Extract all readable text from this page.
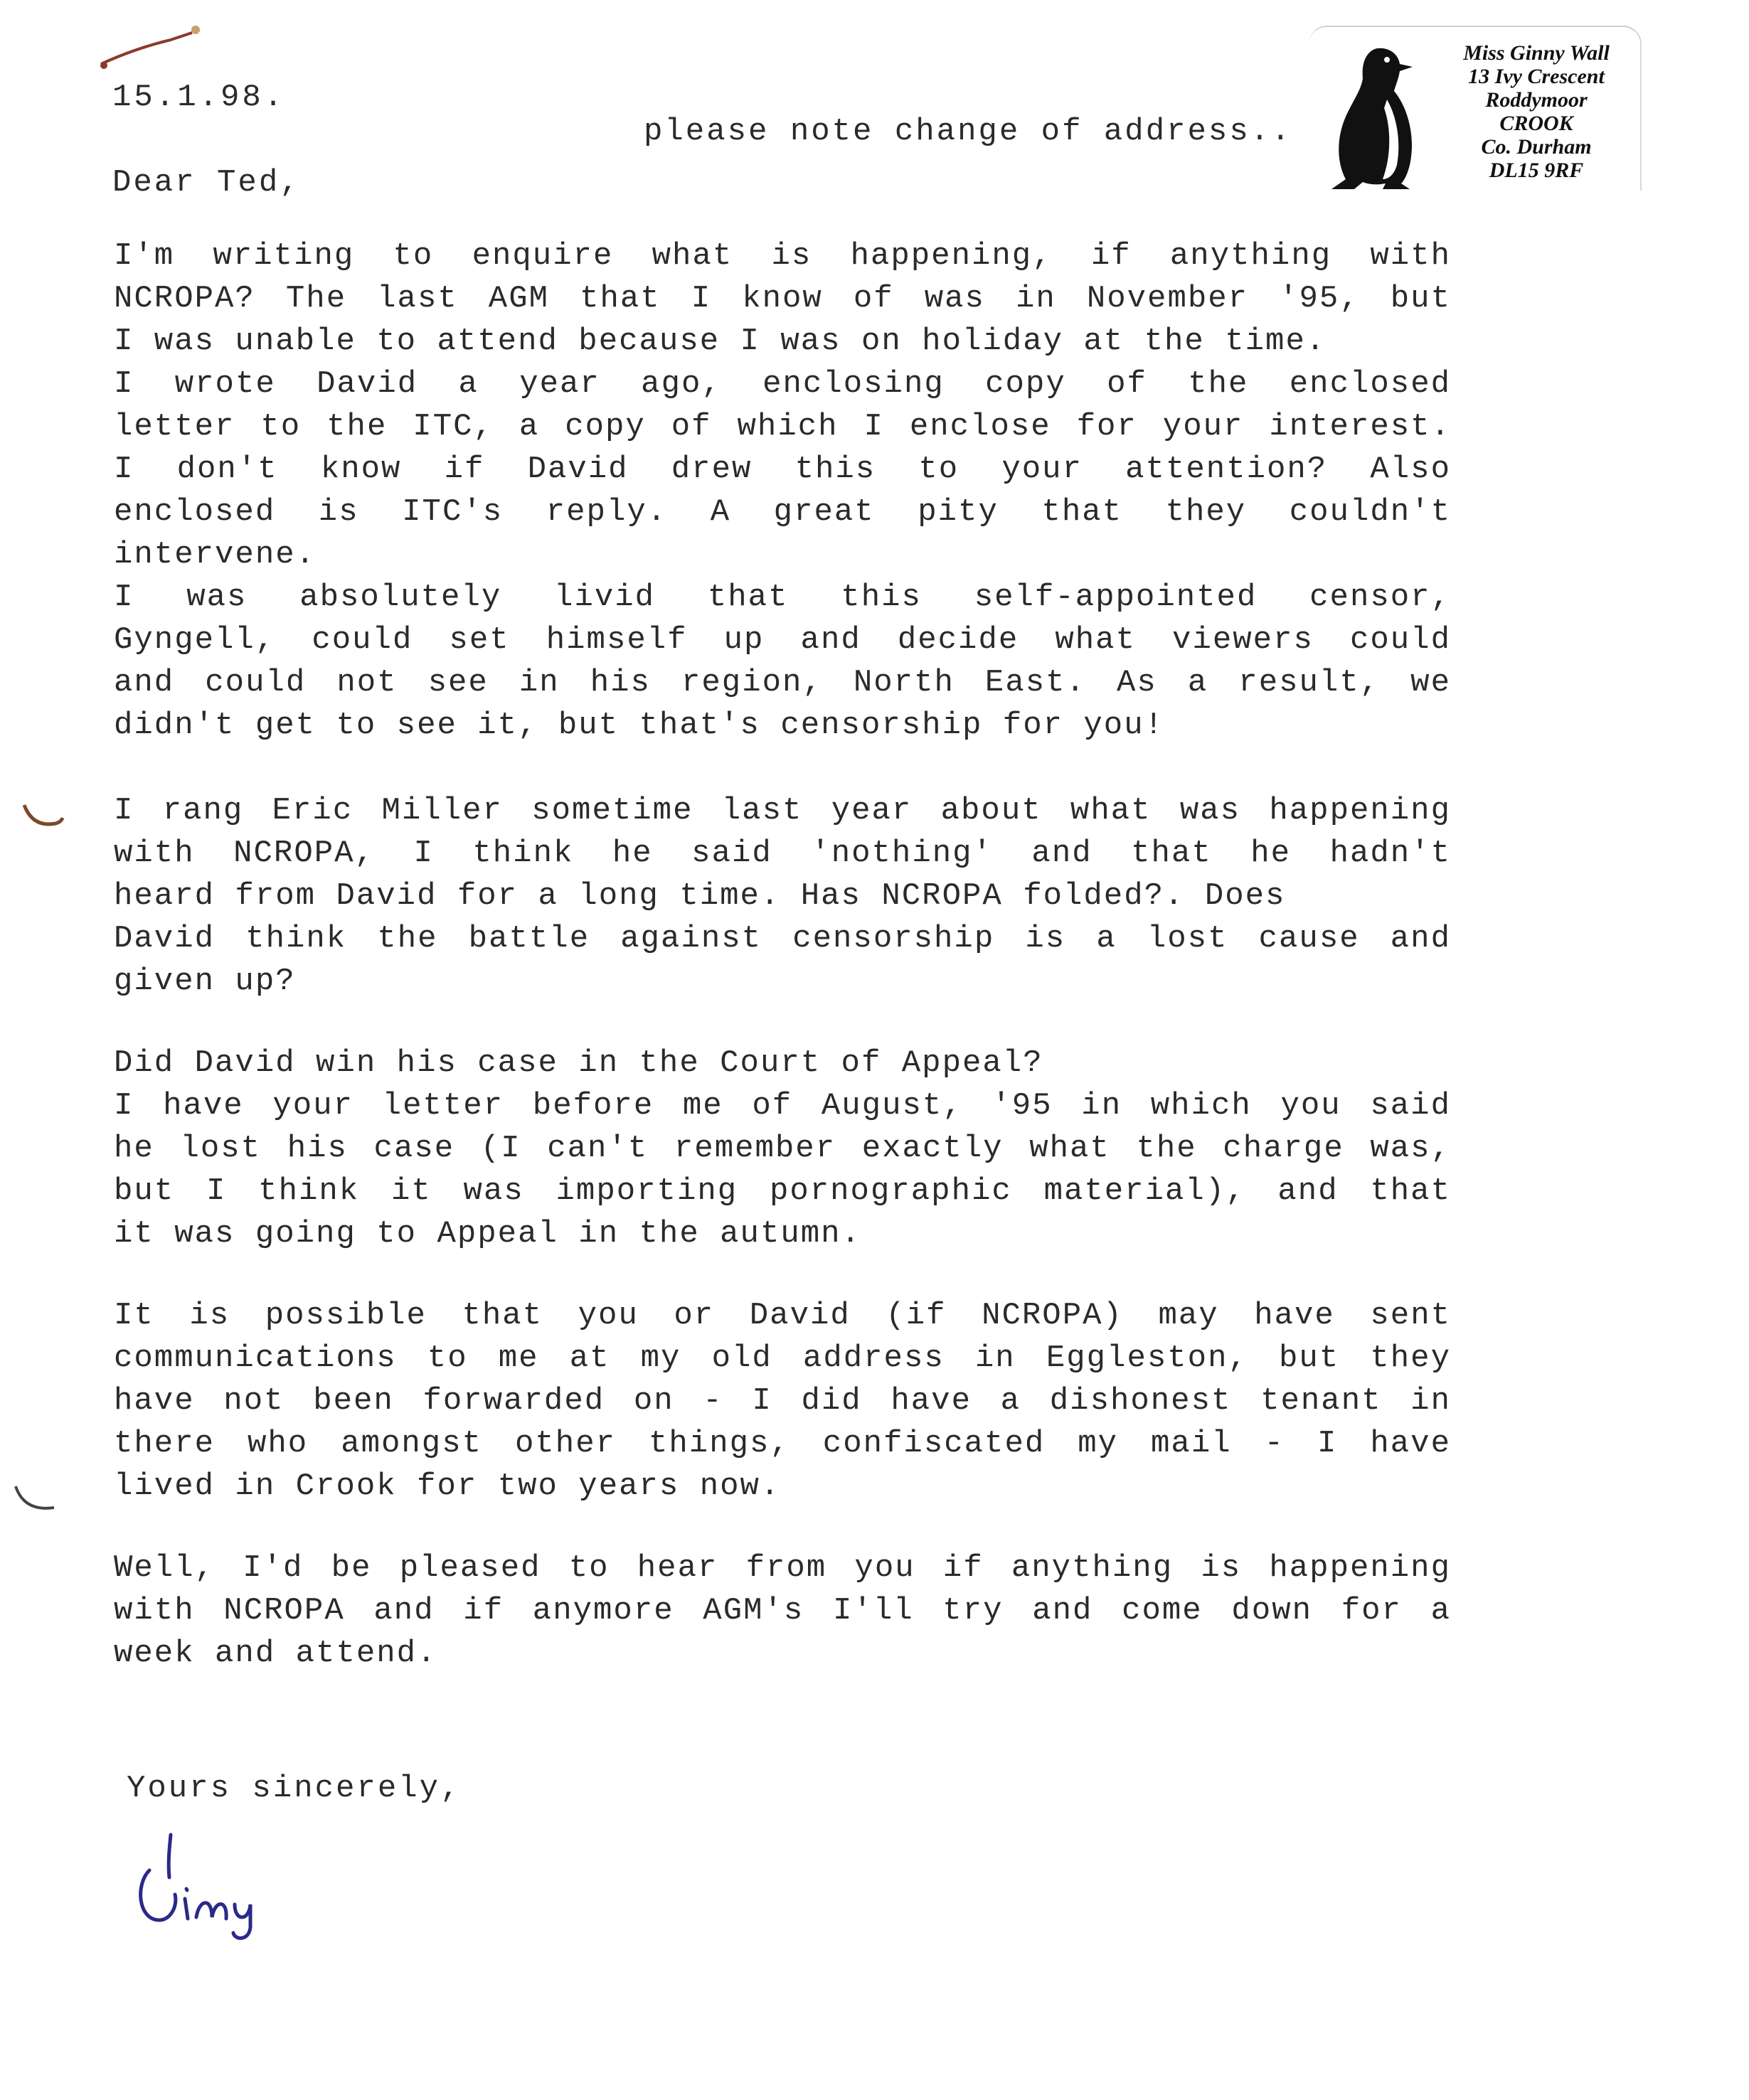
15.1.98.
please note change of address..
Miss Ginny Wall
13 Ivy Crescent
Roddymoor
CROOK
Co. Durham
DL15 9RF
Dear Ted,
I'm writing to enquire what is happening, if anything with
NCROPA? The last AGM that I know of was in November '95, but
I was unable to attend because I was on holiday at the time.
I wrote David a year ago, enclosing copy of the enclosed
letter to the ITC, a copy of which I enclose for your interest.
I don't know if David drew this to your attention? Also
enclosed is ITC's reply. A great pity that they couldn't
intervene.
I was absolutely livid that this self-appointed censor,
Gyngell, could set himself up and decide what viewers could
and could not see in his region, North East. As a result, we
didn't get to see it, but that's censorship for you!
I rang Eric Miller sometime last year about what was happening
with NCROPA, I think he said 'nothing' and that he hadn't
heard from David for a long time. Has NCROPA folded?. Does
David think the battle against censorship is a lost cause and
given up?
Did David win his case in the Court of Appeal?
I have your letter before me of August, '95 in which you said
he lost his case (I can't remember exactly what the charge was,
but I think it was importing pornographic material), and that
it was going to Appeal in the autumn.
It is possible that you or David (if NCROPA) may have sent
communications to me at my old address in Eggleston, but they
have not been forwarded on - I did have a dishonest tenant in
there who amongst other things, confiscated my mail - I have
lived in Crook for two years now.
Well, I'd be pleased to hear from you if anything is happening
with NCROPA and if anymore AGM's I'll try and come down for a
week and attend.
Yours sincerely,
